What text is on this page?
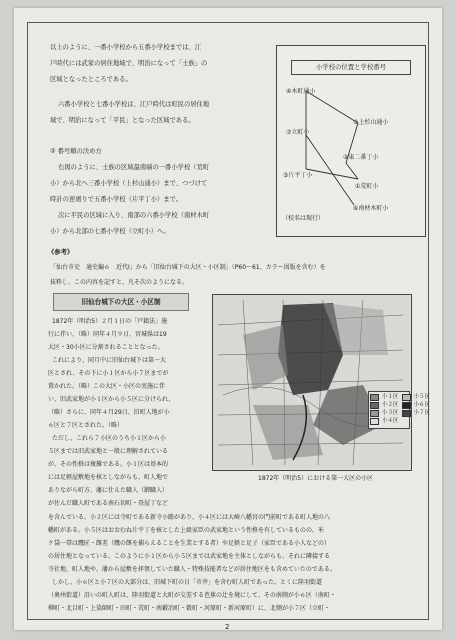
以上のように、一番小学校から五番小学校までは、江
戸時代には武家の居住地域で、明治になって「士族」の
区域となったところである。
六番小学校と七番小学校は、江戸時代は町民の居住地
域で、明治になって「平民」となった区域である。
② 番号順の決め方
右図のように、士族の区域最南端の一番小学校（荒町
小）から北へ三番小学校（上杉山通小）まで、つづけて
時計の逆廻りで五番小学校（片平丁小）まで。
次に平民の区域に入り、南部の六番小学校（南材木町
小）から北部の七番小学校（立町小）へ。
小学校の位置と学校番号
④木町通小
③上杉山通小
⑦立町小
②東二番丁小
⑤片平丁小
①荒町小
⑥南材木町小
（校名は現行）
《参考》
「仙台市史　通史編６　近代Ⅰ」から「旧仙台城下の大区・小区制」（P60～61、カラー図版を含む）を
抜粋し、この内容を記すと、凡そ次のようになる。
旧仙台城下の大区・小区制
1872年（明治5）２月１日の「戸籍法」施
行に伴い、（略）同年４月９日、宮城県は19
大区・30小区に分割されることとなった。
これにより、同月中に旧仙台城下は第一大
区とされ、その下に小１区から小７区までが
置かれた。（略）この大区・小区の実施に伴
い、旧武家地が小１区から小５区に分けられ、
（略）さらに、同年４月29日、旧町人地が小
６区と７区とされた。（略）
ただし、これら７小区のうち小１区から小
５区までは旧武家地と一般に理解されている
が、その性格は複雑である。小１区は基本的
には足軽屋敷地を核としながらも、町人地で
ありながら町方、藩に仕えた職人（御職人）
が住んだ職人町である南石切町・畳屋丁など
小１区	小５区
小２区	小６区
小３区	小７区
小４区
1872年（明治5）における第一大区の小区
を含んでいる。小２区には寺町である新寺小路があり、小４区には大崎八幡宮の門前町である町人地の八
幡町がある。小５区はおおむね片平丁を核とした上級家臣の武家地という性格を有しているものの、米
ケ袋一帯は鷹匠・餌差（鷹の餌を捕らえることを生業とする者）や足軽と足子（家臣である小人などの）
の居住地となっている。このように小１区から小５区までは武家地を主体としながらも、それに隣接する
寺社地、町人地や、藩から屋敷を拝領していた職人・特殊技能者などが居住地区をも含めていたのである。
しかし、小６区と小７区の大部分は、旧城下町の日「市井」を含む町人町であった。とくに陸羽街道
（奥州街道）沿いの町人町は、陸羽街道と大町が交差する芭蕉の辻を境にして、その南側が小６区（南町・
柳町・北目町・上染師町・田町・荒町・南鍛冶町・穀町・河原町・新河原町）に、北側が小７区（立町・
2
